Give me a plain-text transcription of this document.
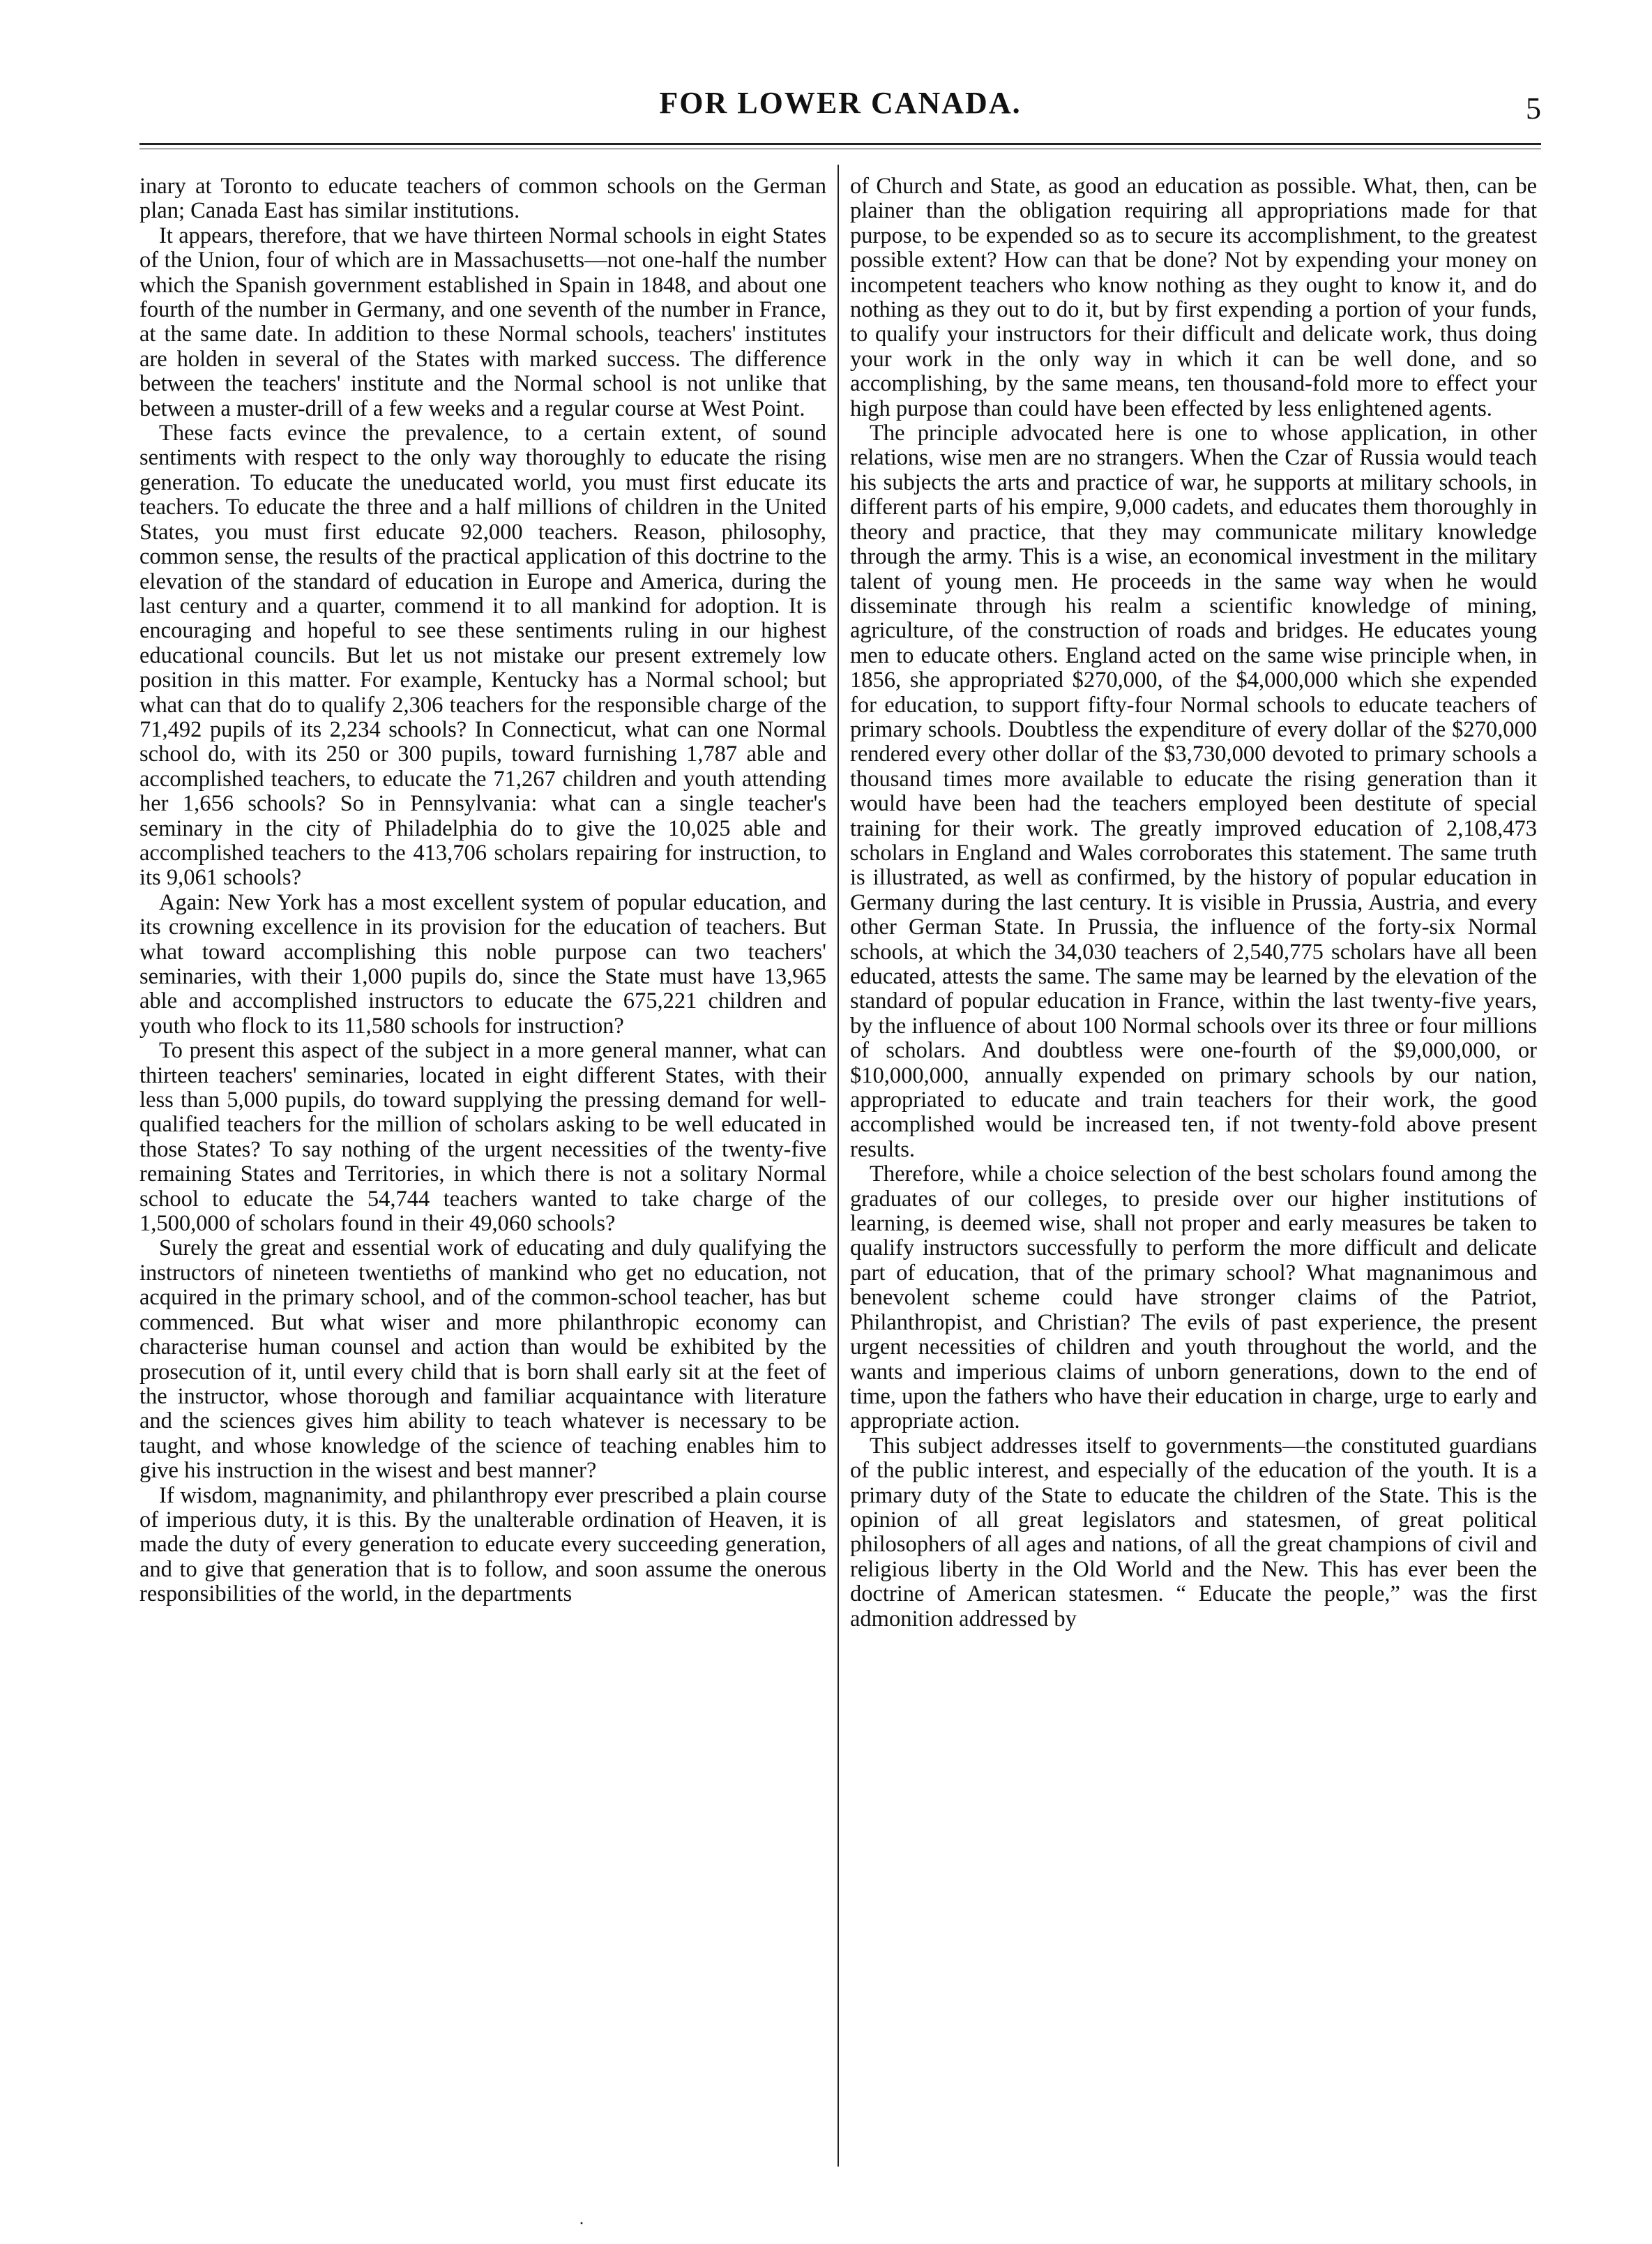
FOR LOWER CANADA.	5

inary at Toronto to educate teachers of common schools on the German plan; Canada East has similar institutions.

It appears, therefore, that we have thirteen Normal schools in eight States of the Union, four of which are in Massachusetts—not one-half the number which the Spanish government established in Spain in 1848, and about one fourth of the number in Germany, and one seventh of the number in France, at the same date. In addition to these Normal schools, teachers' institutes are holden in several of the States with marked success. The difference between the teachers' institute and the Normal school is not unlike that between a muster-drill of a few weeks and a regular course at West Point.

These facts evince the prevalence, to a certain extent, of sound sentiments with respect to the only way thoroughly to educate the rising generation. To educate the uneducated world, you must first educate its teachers. To educate the three and a half millions of children in the United States, you must first educate 92,000 teachers. Reason, philosophy, common sense, the results of the practical application of this doctrine to the elevation of the standard of education in Europe and America, during the last century and a quarter, commend it to all mankind for adoption. It is encouraging and hopeful to see these sentiments ruling in our highest educational councils. But let us not mistake our present extremely low position in this matter. For example, Kentucky has a Normal school; but what can that do to qualify 2,306 teachers for the responsible charge of the 71,492 pupils of its 2,234 schools? In Connecticut, what can one Normal school do, with its 250 or 300 pupils, toward furnishing 1,787 able and accomplished teachers, to educate the 71,267 children and youth attending her 1,656 schools? So in Pennsylvania: what can a single teacher's seminary in the city of Philadelphia do to give the 10,025 able and accomplished teachers to the 413,706 scholars repairing for instruction, to its 9,061 schools?

Again: New York has a most excellent system of popular education, and its crowning excellence in its provision for the education of teachers. But what toward accomplishing this noble purpose can two teachers' seminaries, with their 1,000 pupils do, since the State must have 13,965 able and accomplished instructors to educate the 675,221 children and youth who flock to its 11,580 schools for instruction?

To present this aspect of the subject in a more general manner, what can thirteen teachers' seminaries, located in eight different States, with their less than 5,000 pupils, do toward supplying the pressing demand for well-qualified teachers for the million of scholars asking to be well educated in those States? To say nothing of the urgent necessities of the twenty-five remaining States and Territories, in which there is not a solitary Normal school to educate the 54,744 teachers wanted to take charge of the 1,500,000 of scholars found in their 49,060 schools?

Surely the great and essential work of educating and duly qualifying the instructors of nineteen twentieths of mankind who get no education, not acquired in the primary school, and of the common-school teacher, has but commenced. But what wiser and more philanthropic economy can characterise human counsel and action than would be exhibited by the prosecution of it, until every child that is born shall early sit at the feet of the instructor, whose thorough and familiar acquaintance with literature and the sciences gives him ability to teach whatever is necessary to be taught, and whose knowledge of the science of teaching enables him to give his instruction in the wisest and best manner?

If wisdom, magnanimity, and philanthropy ever prescribed a plain course of imperious duty, it is this. By the unalterable ordination of Heaven, it is made the duty of every generation to educate every succeeding generation, and to give that generation that is to follow, and soon assume the onerous responsibilities of the world, in the departments

of Church and State, as good an education as possible. What, then, can be plainer than the obligation requiring all appropriations made for that purpose, to be expended so as to secure its accomplishment, to the greatest possible extent? How can that be done? Not by expending your money on incompetent teachers who know nothing as they ought to know it, and do nothing as they out to do it, but by first expending a portion of your funds, to qualify your instructors for their difficult and delicate work, thus doing your work in the only way in which it can be well done, and so accomplishing, by the same means, ten thousand-fold more to effect your high purpose than could have been effected by less enlightened agents.

The principle advocated here is one to whose application, in other relations, wise men are no strangers. When the Czar of Russia would teach his subjects the arts and practice of war, he supports at military schools, in different parts of his empire, 9,000 cadets, and educates them thoroughly in theory and practice, that they may communicate military knowledge through the army. This is a wise, an economical investment in the military talent of young men. He proceeds in the same way when he would disseminate through his realm a scientific knowledge of mining, agriculture, of the construction of roads and bridges. He educates young men to educate others. England acted on the same wise principle when, in 1856, she appropriated $270,000, of the $4,000,000 which she expended for education, to support fifty-four Normal schools to educate teachers of primary schools. Doubtless the expenditure of every dollar of the $270,000 rendered every other dollar of the $3,730,000 devoted to primary schools a thousand times more available to educate the rising generation than it would have been had the teachers employed been destitute of special training for their work. The greatly improved education of 2,108,473 scholars in England and Wales corroborates this statement. The same truth is illustrated, as well as confirmed, by the history of popular education in Germany during the last century. It is visible in Prussia, Austria, and every other German State. In Prussia, the influence of the forty-six Normal schools, at which the 34,030 teachers of 2,540,775 scholars have all been educated, attests the same. The same may be learned by the elevation of the standard of popular education in France, within the last twenty-five years, by the influence of about 100 Normal schools over its three or four millions of scholars. And doubtless were one-fourth of the $9,000,000, or $10,000,000, annually expended on primary schools by our nation, appropriated to educate and train teachers for their work, the good accomplished would be increased ten, if not twenty-fold above present results.

Therefore, while a choice selection of the best scholars found among the graduates of our colleges, to preside over our higher institutions of learning, is deemed wise, shall not proper and early measures be taken to qualify instructors successfully to perform the more difficult and delicate part of education, that of the primary school? What magnanimous and benevolent scheme could have stronger claims of the Patriot, Philanthropist, and Christian? The evils of past experience, the present urgent necessities of children and youth throughout the world, and the wants and imperious claims of unborn generations, down to the end of time, upon the fathers who have their education in charge, urge to early and appropriate action.

This subject addresses itself to governments—the constituted guardians of the public interest, and especially of the education of the youth. It is a primary duty of the State to educate the children of the State. This is the opinion of all great legislators and statesmen, of great political philosophers of all ages and nations, of all the great champions of civil and religious liberty in the Old World and the New. This has ever been the doctrine of American statesmen. “ Educate the people,” was the first admonition addressed by

·
